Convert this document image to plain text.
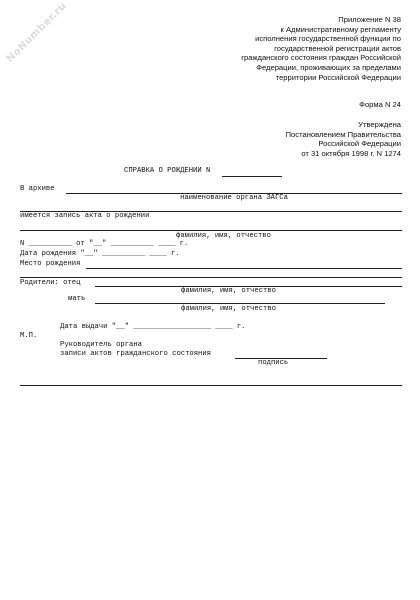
NoNumber.ru	Приложение N 38
к Административному регламенту
исполнения государственной функции по
государственной регистрации актов
гражданского состояния граждан Российской
Федерации, проживающих за пределами
территории Российской Федерации
Форма N 24
Утверждена
Постановлением Правительства
Российской Федерации
от 31 октября 1998 г. N 1274
СПРАВКА О РОЖДЕНИИ N
В архиве
наименование органа ЗАГСа
имеется запись акта о рождении
фамилия, имя, отчество
N __________ от "__" __________ ____ г.
Дата рождения "__" __________ ____ г.
Место рождения
Родители: отец
фамилия, имя, отчество
мать
фамилия, имя, отчество
Дата выдачи "__" __________________ ____ г.
М.П.
Руководитель органа
записи актов гражданского состояния
подпись
